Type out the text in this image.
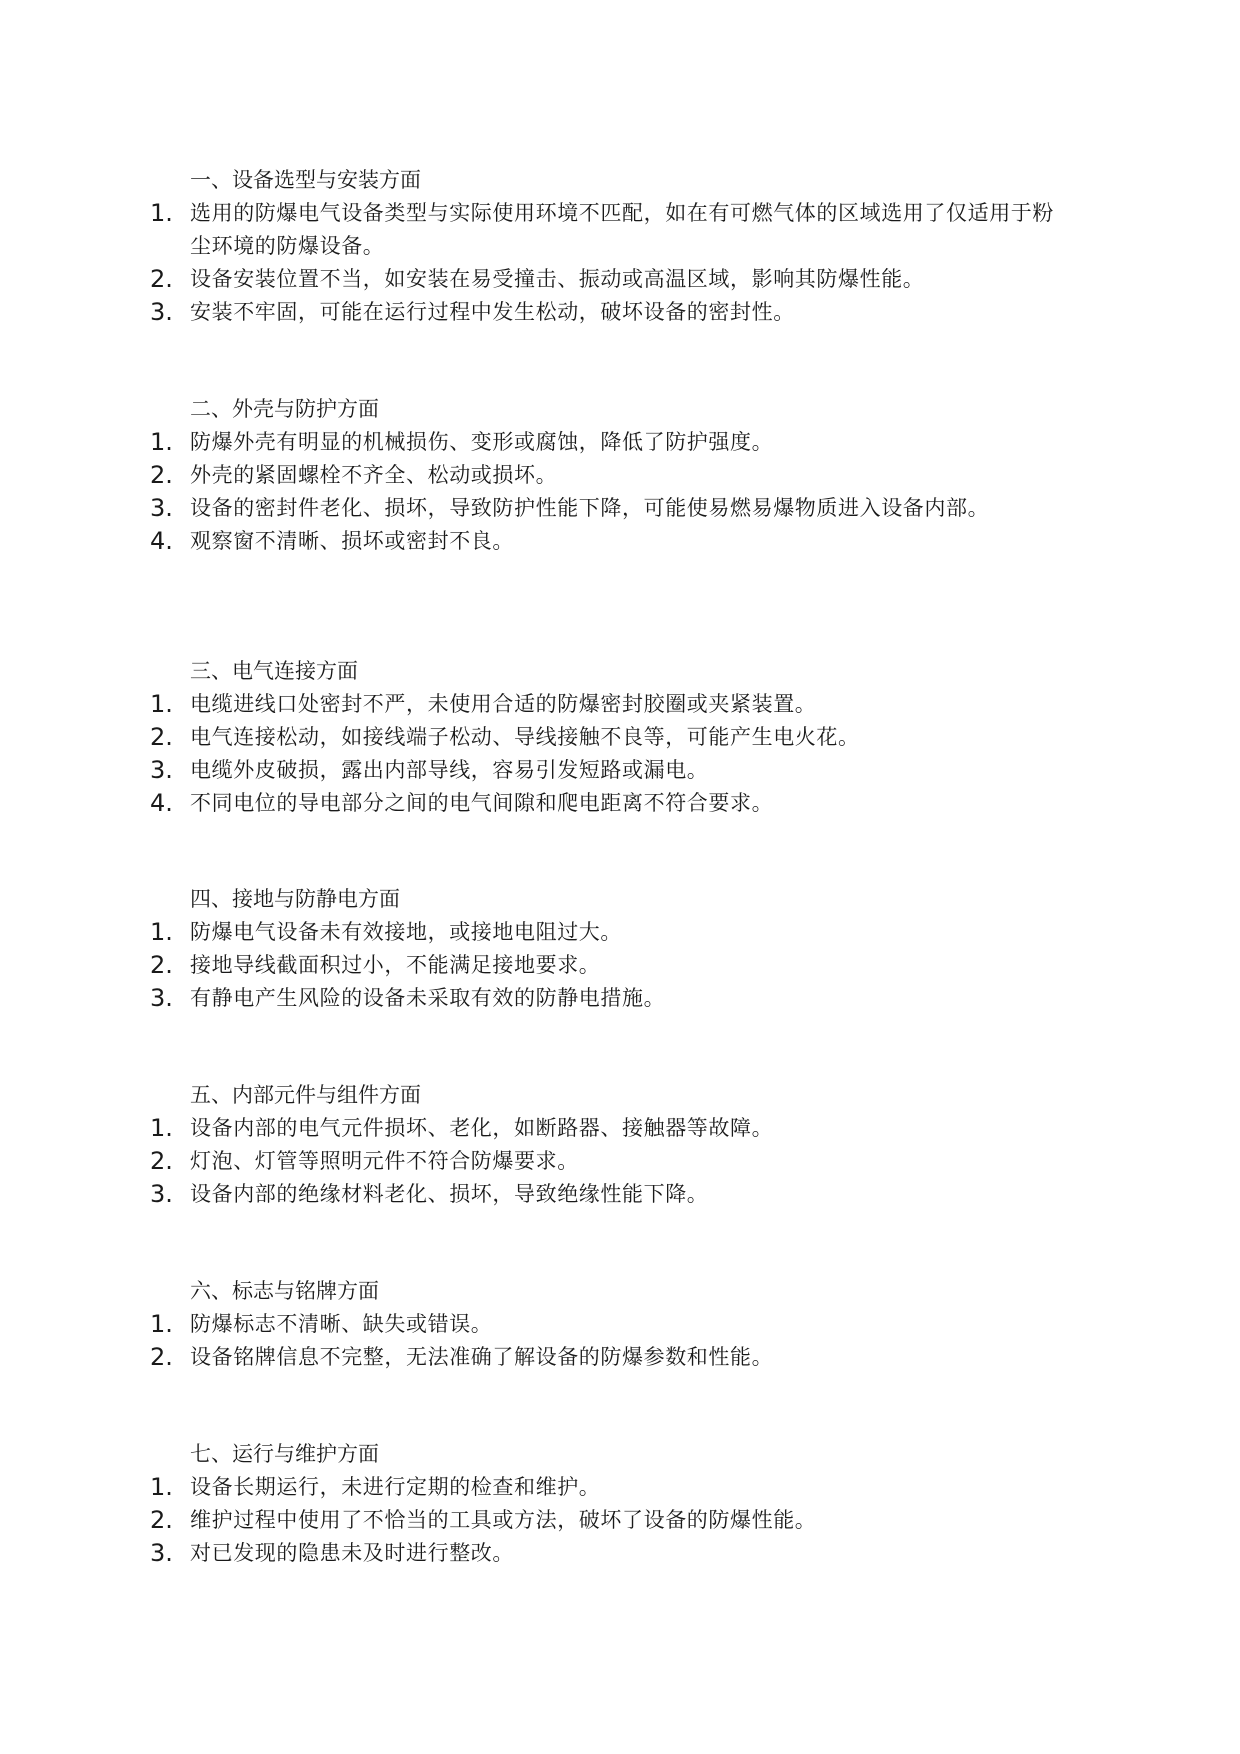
一、设备选型与安装方面
1. 选用的防爆电气设备类型与实际使用环境不匹配，如在有可燃气体的区域选用了仅适用于粉尘环境的防爆设备。
2. 设备安装位置不当，如安装在易受撞击、振动或高温区域，影响其防爆性能。
3. 安装不牢固，可能在运行过程中发生松动，破坏设备的密封性。
二、外壳与防护方面
1. 防爆外壳有明显的机械损伤、变形或腐蚀，降低了防护强度。
2. 外壳的紧固螺栓不齐全、松动或损坏。
3. 设备的密封件老化、损坏，导致防护性能下降，可能使易燃易爆物质进入设备内部。
4. 观察窗不清晰、损坏或密封不良。
三、电气连接方面
1. 电缆进线口处密封不严，未使用合适的防爆密封胶圈或夹紧装置。
2. 电气连接松动，如接线端子松动、导线接触不良等，可能产生电火花。
3. 电缆外皮破损，露出内部导线，容易引发短路或漏电。
4. 不同电位的导电部分之间的电气间隙和爬电距离不符合要求。
四、接地与防静电方面
1. 防爆电气设备未有效接地，或接地电阻过大。
2. 接地导线截面积过小，不能满足接地要求。
3. 有静电产生风险的设备未采取有效的防静电措施。
五、内部元件与组件方面
1. 设备内部的电气元件损坏、老化，如断路器、接触器等故障。
2. 灯泡、灯管等照明元件不符合防爆要求。
3. 设备内部的绝缘材料老化、损坏，导致绝缘性能下降。
六、标志与铭牌方面
1. 防爆标志不清晰、缺失或错误。
2. 设备铭牌信息不完整，无法准确了解设备的防爆参数和性能。
七、运行与维护方面
1. 设备长期运行，未进行定期的检查和维护。
2. 维护过程中使用了不恰当的工具或方法，破坏了设备的防爆性能。
3. 对已发现的隐患未及时进行整改。
